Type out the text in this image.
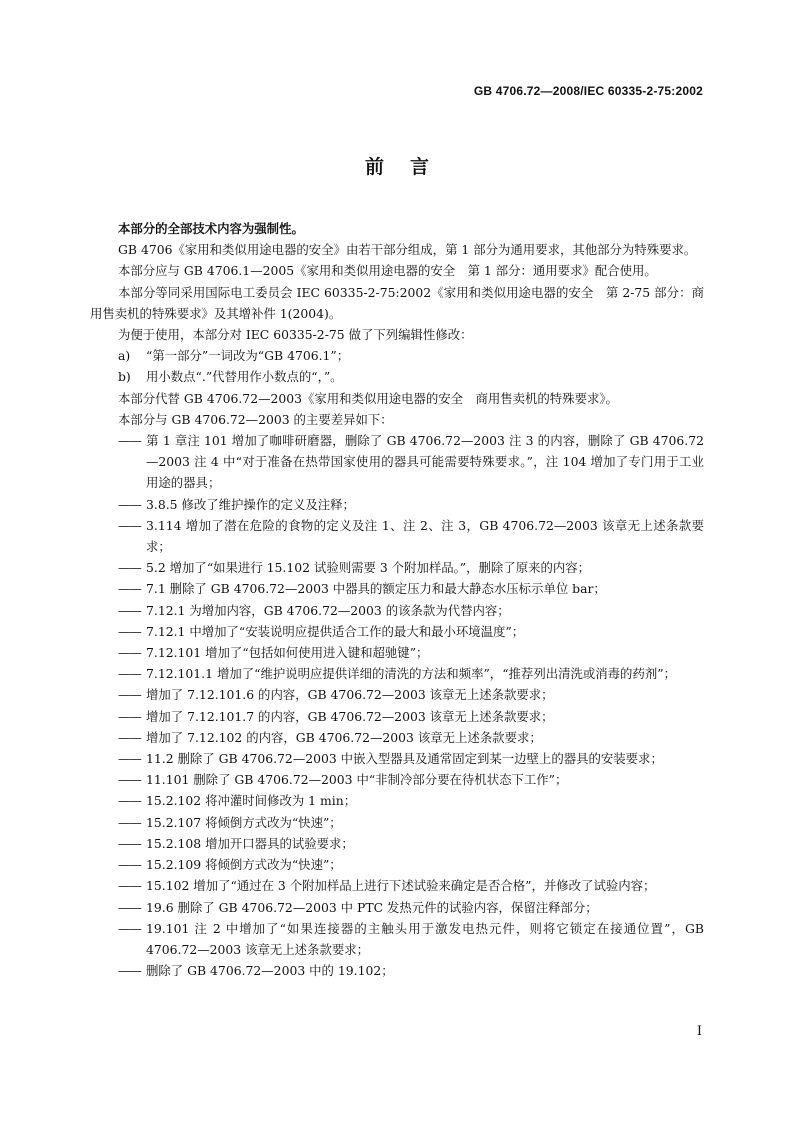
GB 4706.72—2008/IEC 60335-2-75:2002
前言

本部分的全部技术内容为强制性。

GB 4706《家用和类似用途电器的安全》由若干部分组成，第 1 部分为通用要求，其他部分为特殊要求。

本部分应与 GB 4706.1—2005《家用和类似用途电器的安全　第 1 部分：通用要求》配合使用。

本部分等同采用国际电工委员会 IEC 60335-2-75:2002《家用和类似用途电器的安全　第 2-75 部分：商用售卖机的特殊要求》及其增补件 1(2004)。

为便于使用，本部分对 IEC 60335-2-75 做了下列编辑性修改：

a) “第一部分”一词改为“GB 4706.1”；

b) 用小数点“.”代替用作小数点的“，”。

本部分代替 GB 4706.72—2003《家用和类似用途电器的安全　商用售卖机的特殊要求》。

本部分与 GB 4706.72—2003 的主要差异如下：

—— 第 1 章注 101 增加了咖啡研磨器，删除了 GB 4706.72—2003 注 3 的内容，删除了 GB 4706.72—2003 注 4 中“对于准备在热带国家使用的器具可能需要特殊要求。”，注 104 增加了专门用于工业用途的器具；

—— 3.8.5 修改了维护操作的定义及注释；

—— 3.114 增加了潜在危险的食物的定义及注 1、注 2、注 3，GB 4706.72—2003 该章无上述条款要求；

—— 5.2 增加了“如果进行 15.102 试验则需要 3 个附加样品。”，删除了原来的内容；

—— 7.1 删除了 GB 4706.72—2003 中器具的额定压力和最大静态水压标示单位 bar；

—— 7.12.1 为增加内容，GB 4706.72—2003 的该条款为代替内容；

—— 7.12.1 中增加了“安装说明应提供适合工作的最大和最小环境温度”；

—— 7.12.101 增加了“包括如何使用进入键和超驰键”；

—— 7.12.101.1 增加了“维护说明应提供详细的清洗的方法和频率”，“推荐列出清洗或消毒的药剂”；

—— 增加了 7.12.101.6 的内容，GB 4706.72—2003 该章无上述条款要求；

—— 增加了 7.12.101.7 的内容，GB 4706.72—2003 该章无上述条款要求；

—— 增加了 7.12.102 的内容，GB 4706.72—2003 该章无上述条款要求；

—— 11.2 删除了 GB 4706.72—2003 中嵌入型器具及通常固定到某一边壁上的器具的安装要求；

—— 11.101 删除了 GB 4706.72—2003 中“非制冷部分要在待机状态下工作”；

—— 15.2.102 将冲灌时间修改为 1 min；

—— 15.2.107 将倾倒方式改为“快速”；

—— 15.2.108 增加开口器具的试验要求；

—— 15.2.109 将倾倒方式改为“快速”；

—— 15.102 增加了“通过在 3 个附加样品上进行下述试验来确定是否合格”，并修改了试验内容；

—— 19.6 删除了 GB 4706.72—2003 中 PTC 发热元件的试验内容，保留注释部分；

—— 19.101 注 2 中增加了“如果连接器的主触头用于激发电热元件，则将它锁定在接通位置”，GB 4706.72—2003 该章无上述条款要求；

—— 删除了 GB 4706.72—2003 中的 19.102；

I
